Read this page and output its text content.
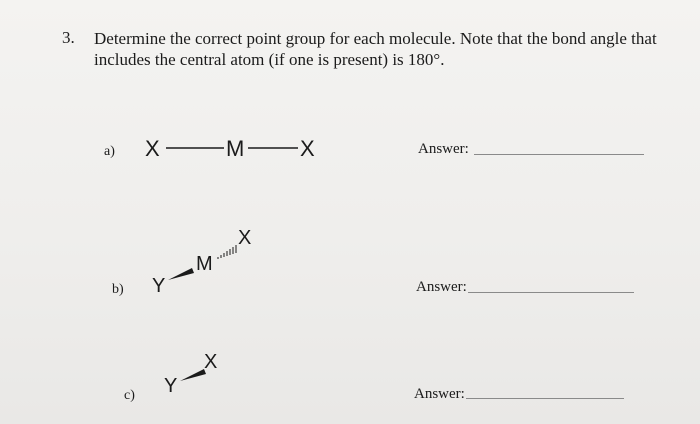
3. Determine the correct point group for each molecule. Note that the bond angle that includes the central atom (if one is present) is 180°.
a)	Answer:
b)	Answer:
c)	Answer:
X	M	X
Y
M
X
Y
X
